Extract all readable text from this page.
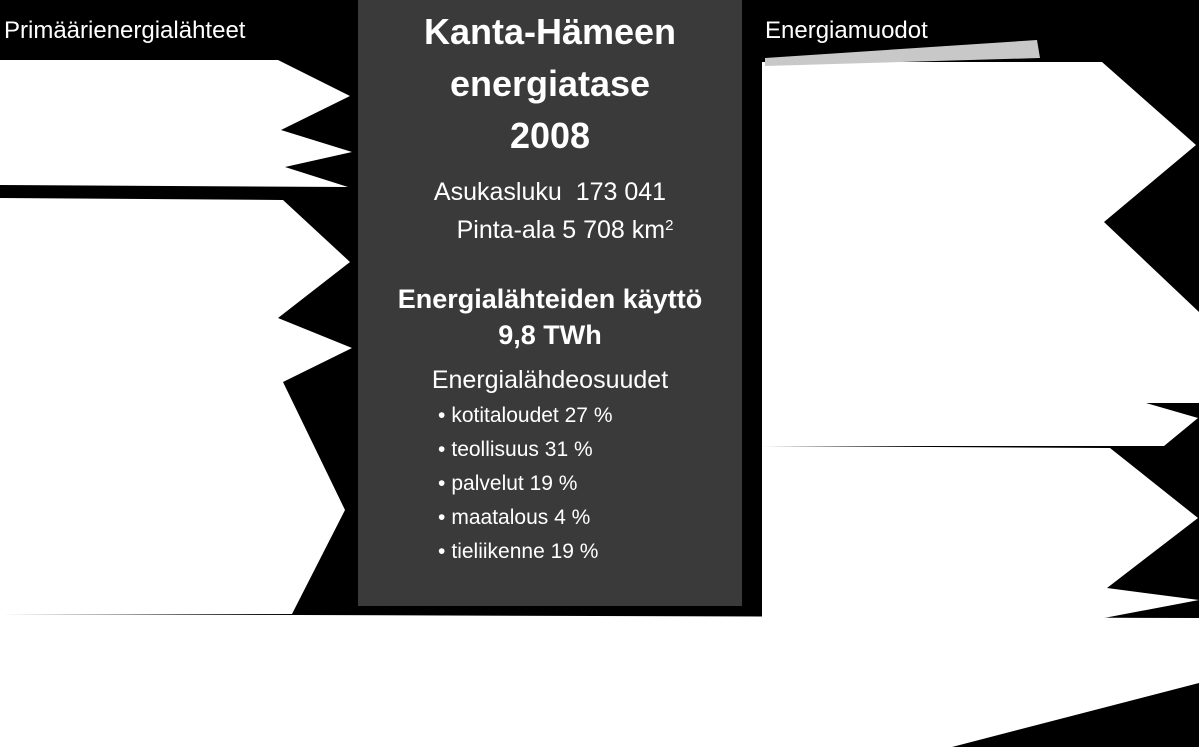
Primäärienergialähteet	Energiamuodot
Kanta-Hämeen
energiatase
2008
Asukasluku 173 041
Pinta-ala 5 708 $km^2$
Energialähteiden käyttö
9,8 TWh
Energialähdeosuudet
• kotitaloudet 27 %
• teollisuus 31 %
• palvelut 19 %
• maatalous 4 %
• tieliikenne 19 %
